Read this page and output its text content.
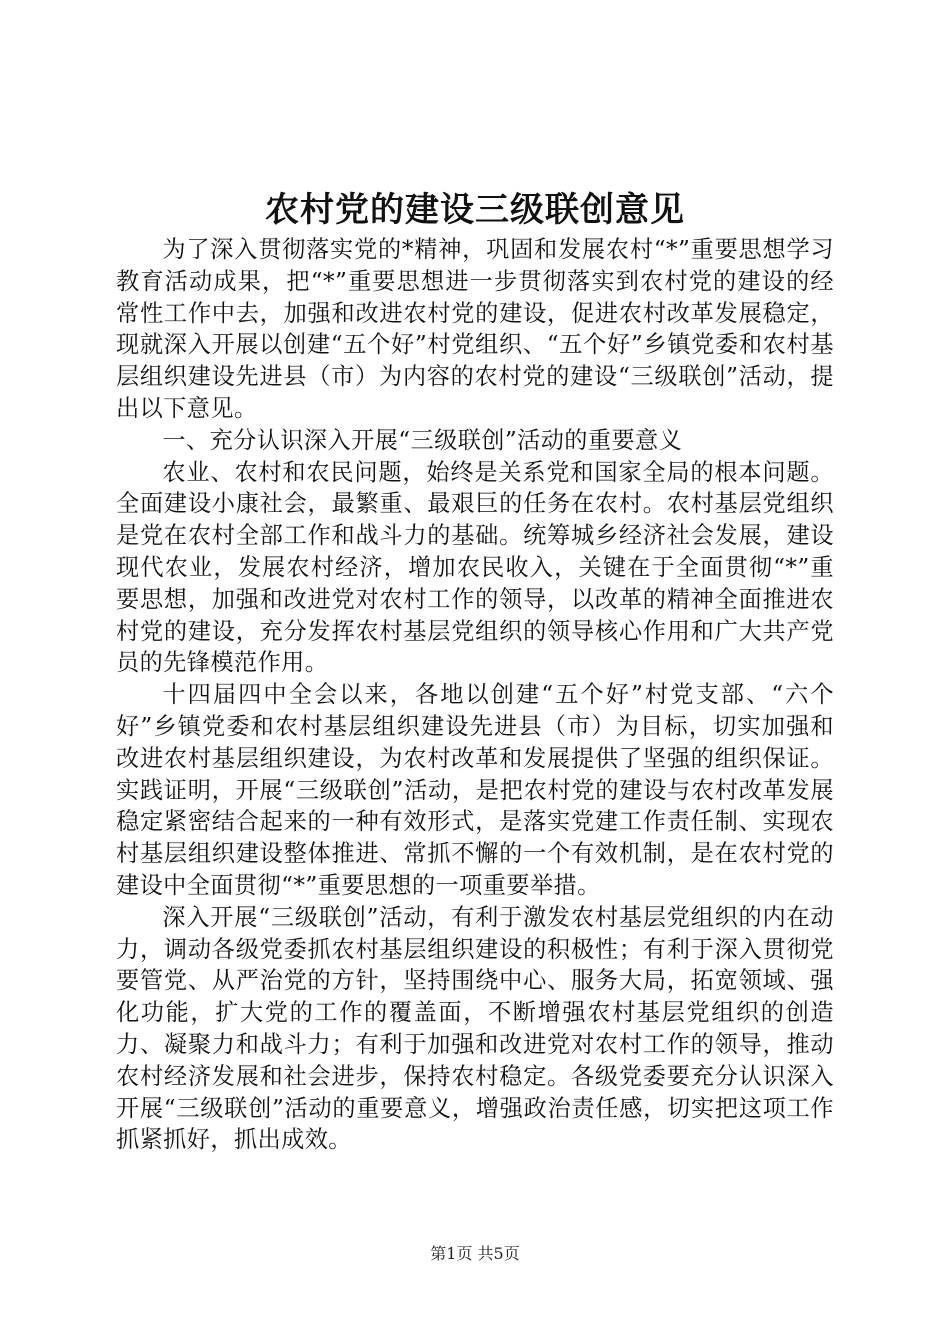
农村党的建设三级联创意见

为了深入贯彻落实党的*精神，巩固和发展农村“*”重要思想学习教育活动成果，把“*”重要思想进一步贯彻落实到农村党的建设的经常性工作中去，加强和改进农村党的建设，促进农村改革发展稳定，现就深入开展以创建“五个好”村党组织、“五个好”乡镇党委和农村基层组织建设先进县（市）为内容的农村党的建设“三级联创”活动，提出以下意见。

一、充分认识深入开展“三级联创”活动的重要意义

农业、农村和农民问题，始终是关系党和国家全局的根本问题。全面建设小康社会，最繁重、最艰巨的任务在农村。农村基层党组织是党在农村全部工作和战斗力的基础。统筹城乡经济社会发展，建设现代农业，发展农村经济，增加农民收入，关键在于全面贯彻“*”重要思想，加强和改进党对农村工作的领导，以改革的精神全面推进农村党的建设，充分发挥农村基层党组织的领导核心作用和广大共产党员的先锋模范作用。

十四届四中全会以来，各地以创建“五个好”村党支部、“六个好”乡镇党委和农村基层组织建设先进县（市）为目标，切实加强和改进农村基层组织建设，为农村改革和发展提供了坚强的组织保证。实践证明，开展“三级联创”活动，是把农村党的建设与农村改革发展稳定紧密结合起来的一种有效形式，是落实党建工作责任制、实现农村基层组织建设整体推进、常抓不懈的一个有效机制，是在农村党的建设中全面贯彻“*”重要思想的一项重要举措。

深入开展“三级联创”活动，有利于激发农村基层党组织的内在动力，调动各级党委抓农村基层组织建设的积极性；有利于深入贯彻党要管党、从严治党的方针，坚持围绕中心、服务大局，拓宽领域、强化功能，扩大党的工作的覆盖面，不断增强农村基层党组织的创造力、凝聚力和战斗力；有利于加强和改进党对农村工作的领导，推动农村经济发展和社会进步，保持农村稳定。各级党委要充分认识深入开展“三级联创”活动的重要意义，增强政治责任感，切实把这项工作抓紧抓好，抓出成效。

第1页 共5页
